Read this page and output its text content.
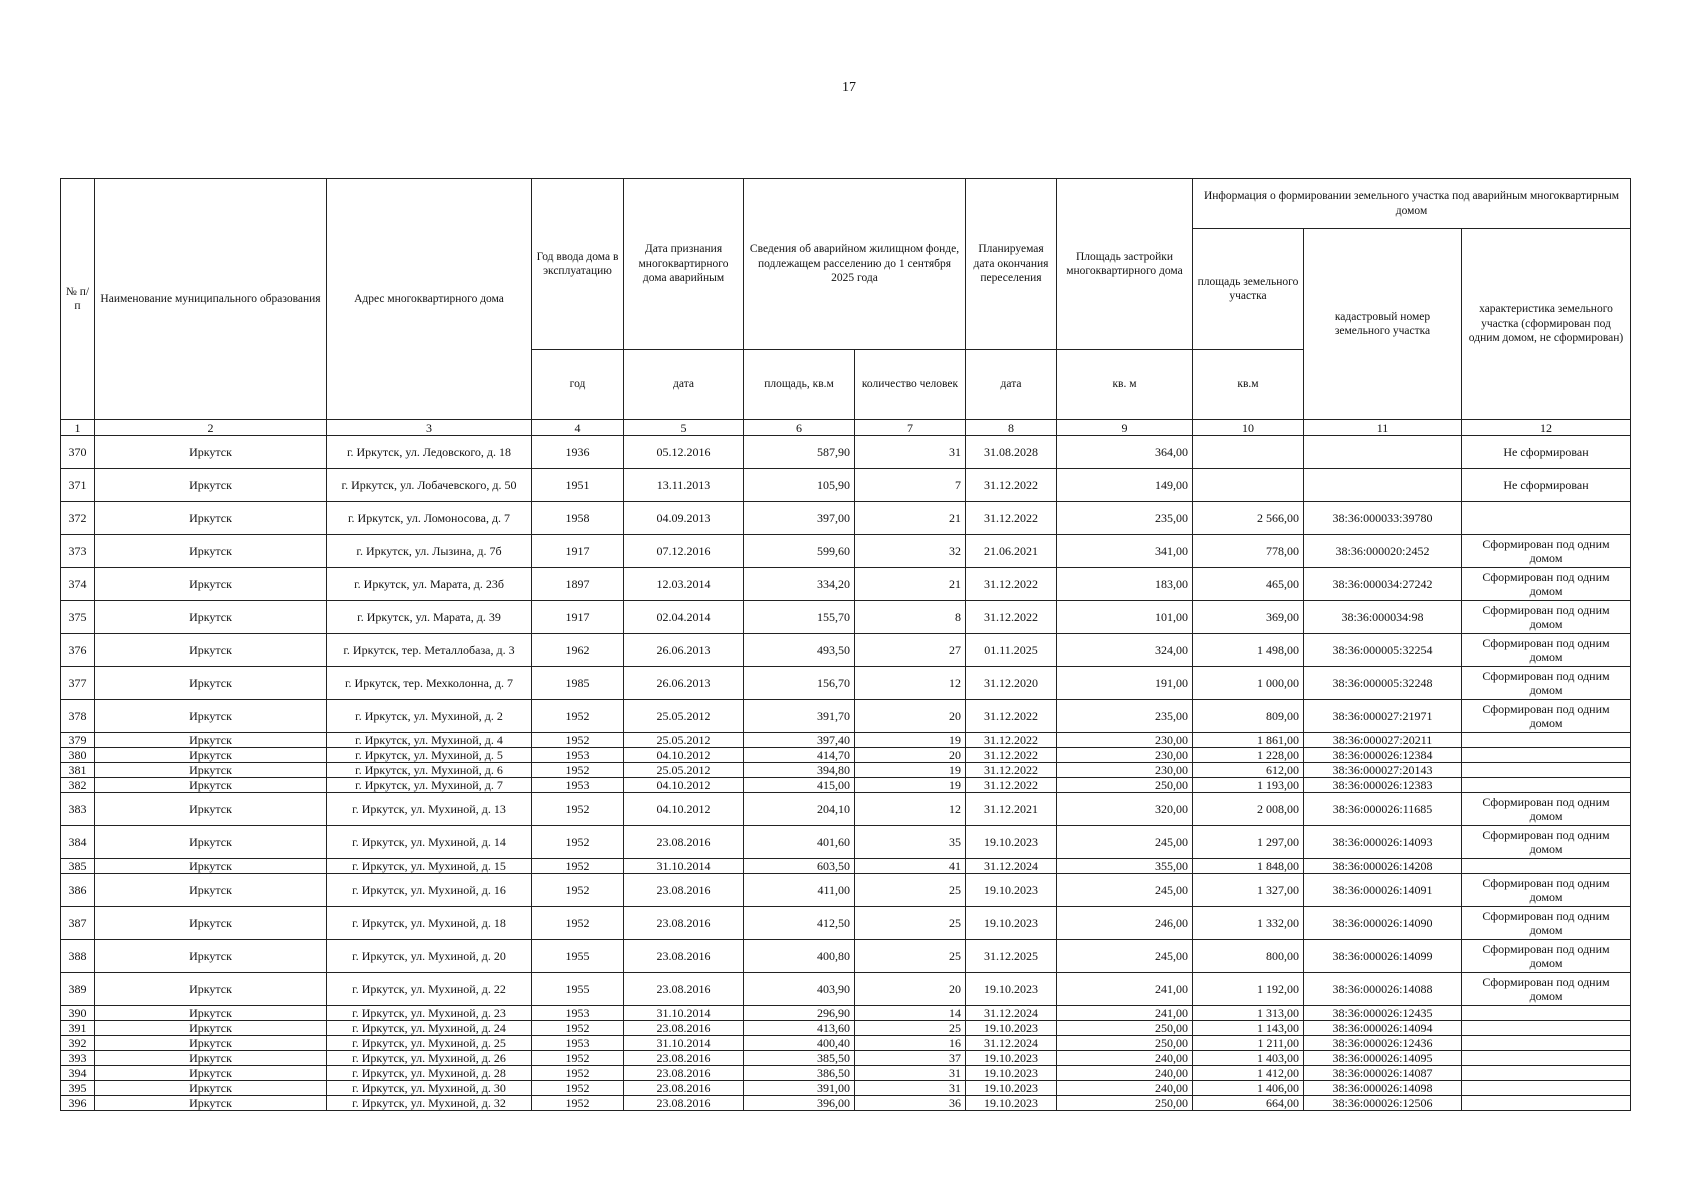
17
№ п/п	Наименование муниципального образования	Адрес многоквартирного дома	Год ввода дома в эксплуатацию	Дата признания многоквартирного дома аварийным	Сведения об аварийном жилищном фонде, подлежащем расселению до 1 сентября 2025 года		Планируемая дата окончания переселения	Площадь застройки многоквартирного дома	Информация о формировании земельного участка под аварийным многоквартирным домом		
									площадь земельного участка	кадастровый номер земельного участка	характеристика земельного участка (сформирован под одним домом, не сформирован)
			год	дата	площадь, кв.м	количество человек	дата	кв. м	кв.м		
1	2	3	4	5	6	7	8	9	10	11	12
370	Иркутск	г. Иркутск, ул. Ледовского, д. 18	1936	05.12.2016	587,90	31	31.08.2028	364,00			Не сформирован
371	Иркутск	г. Иркутск, ул. Лобачевского, д. 50	1951	13.11.2013	105,90	7	31.12.2022	149,00			Не сформирован
372	Иркутск	г. Иркутск, ул. Ломоносова, д. 7	1958	04.09.2013	397,00	21	31.12.2022	235,00	2 566,00	38:36:000033:39780	
373	Иркутск	г. Иркутск, ул. Лызина, д. 7б	1917	07.12.2016	599,60	32	21.06.2021	341,00	778,00	38:36:000020:2452	Сформирован под одним домом
374	Иркутск	г. Иркутск, ул. Марата, д. 23б	1897	12.03.2014	334,20	21	31.12.2022	183,00	465,00	38:36:000034:27242	Сформирован под одним домом
375	Иркутск	г. Иркутск, ул. Марата, д. 39	1917	02.04.2014	155,70	8	31.12.2022	101,00	369,00	38:36:000034:98	Сформирован под одним домом
376	Иркутск	г. Иркутск, тер. Металлобаза, д. 3	1962	26.06.2013	493,50	27	01.11.2025	324,00	1 498,00	38:36:000005:32254	Сформирован под одним домом
377	Иркутск	г. Иркутск, тер. Мехколонна, д. 7	1985	26.06.2013	156,70	12	31.12.2020	191,00	1 000,00	38:36:000005:32248	Сформирован под одним домом
378	Иркутск	г. Иркутск, ул. Мухиной, д. 2	1952	25.05.2012	391,70	20	31.12.2022	235,00	809,00	38:36:000027:21971	Сформирован под одним домом
379	Иркутск	г. Иркутск, ул. Мухиной, д. 4	1952	25.05.2012	397,40	19	31.12.2022	230,00	1 861,00	38:36:000027:20211	
380	Иркутск	г. Иркутск, ул. Мухиной, д. 5	1953	04.10.2012	414,70	20	31.12.2022	230,00	1 228,00	38:36:000026:12384	
381	Иркутск	г. Иркутск, ул. Мухиной, д. 6	1952	25.05.2012	394,80	19	31.12.2022	230,00	612,00	38:36:000027:20143	
382	Иркутск	г. Иркутск, ул. Мухиной, д. 7	1953	04.10.2012	415,00	19	31.12.2022	250,00	1 193,00	38:36:000026:12383	
383	Иркутск	г. Иркутск, ул. Мухиной, д. 13	1952	04.10.2012	204,10	12	31.12.2021	320,00	2 008,00	38:36:000026:11685	Сформирован под одним домом
384	Иркутск	г. Иркутск, ул. Мухиной, д. 14	1952	23.08.2016	401,60	35	19.10.2023	245,00	1 297,00	38:36:000026:14093	Сформирован под одним домом
385	Иркутск	г. Иркутск, ул. Мухиной, д. 15	1952	31.10.2014	603,50	41	31.12.2024	355,00	1 848,00	38:36:000026:14208	
386	Иркутск	г. Иркутск, ул. Мухиной, д. 16	1952	23.08.2016	411,00	25	19.10.2023	245,00	1 327,00	38:36:000026:14091	Сформирован под одним домом
387	Иркутск	г. Иркутск, ул. Мухиной, д. 18	1952	23.08.2016	412,50	25	19.10.2023	246,00	1 332,00	38:36:000026:14090	Сформирован под одним домом
388	Иркутск	г. Иркутск, ул. Мухиной, д. 20	1955	23.08.2016	400,80	25	31.12.2025	245,00	800,00	38:36:000026:14099	Сформирован под одним домом
389	Иркутск	г. Иркутск, ул. Мухиной, д. 22	1955	23.08.2016	403,90	20	19.10.2023	241,00	1 192,00	38:36:000026:14088	Сформирован под одним домом
390	Иркутск	г. Иркутск, ул. Мухиной, д. 23	1953	31.10.2014	296,90	14	31.12.2024	241,00	1 313,00	38:36:000026:12435	
391	Иркутск	г. Иркутск, ул. Мухиной, д. 24	1952	23.08.2016	413,60	25	19.10.2023	250,00	1 143,00	38:36:000026:14094	
392	Иркутск	г. Иркутск, ул. Мухиной, д. 25	1953	31.10.2014	400,40	16	31.12.2024	250,00	1 211,00	38:36:000026:12436	
393	Иркутск	г. Иркутск, ул. Мухиной, д. 26	1952	23.08.2016	385,50	37	19.10.2023	240,00	1 403,00	38:36:000026:14095	
394	Иркутск	г. Иркутск, ул. Мухиной, д. 28	1952	23.08.2016	386,50	31	19.10.2023	240,00	1 412,00	38:36:000026:14087	
395	Иркутск	г. Иркутск, ул. Мухиной, д. 30	1952	23.08.2016	391,00	31	19.10.2023	240,00	1 406,00	38:36:000026:14098	
396	Иркутск	г. Иркутск, ул. Мухиной, д. 32	1952	23.08.2016	396,00	36	19.10.2023	250,00	664,00	38:36:000026:12506	
